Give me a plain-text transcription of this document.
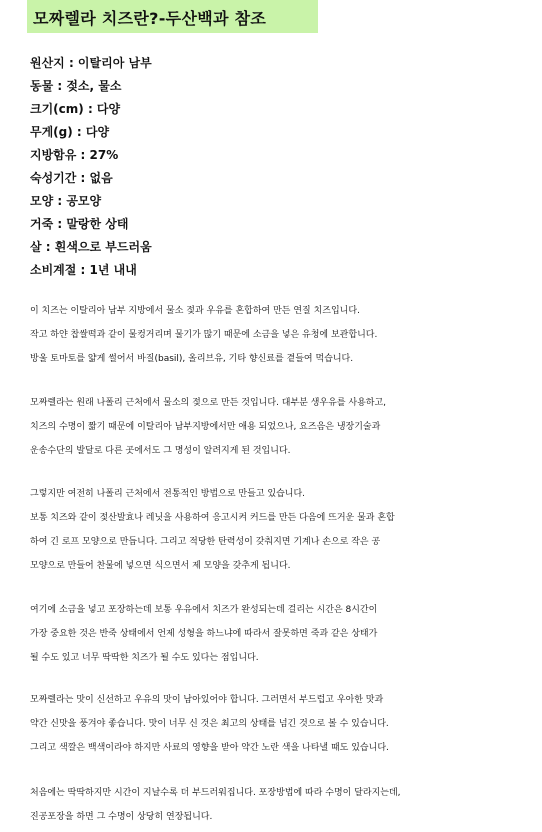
모짜렐라 치즈란?-두산백과 참조
원산지 : 이탈리아 남부
동물 : 젖소, 물소
크기(cm) : 다양
무게(g) : 다양
지방함유 : 27%
숙성기간 : 없음
모양 : 공모양
거죽 : 말랑한 상태
살 : 흰색으로 부드러움
소비계절 : 1년 내내
이 치즈는 이탈리아 남부 지방에서 물소 젖과 우유를 혼합하여 만든 연질 치즈입니다.
작고 하얀 찹쌀떡과 같이 물컹거리며 물기가 많기 때문에 소금을 넣은 유청에 보관합니다.
방울 토마토를 얇게 썰어서 바질(basil), 올리브유, 기타 향신료를 곁들여 먹습니다.
모짜렐라는 원래 나폴리 근처에서 물소의 젖으로 만든 것입니다. 대부분 생우유를 사용하고,
치즈의 수명이 짧기 때문에 이탈리아 남부지방에서만 애용 되었으나, 요즈음은 냉장기술과
운송수단의 발달로 다른 곳에서도 그 명성이 알려지게 된 것입니다.
그렇지만 여전히 나폴리 근처에서 전통적인 방법으로 만들고 있습니다.
보통 치즈와 같이 젖산발효나 레닛을 사용하여 응고시켜 커드를 만든 다음에 뜨거운 물과 혼합
하여 긴 로프 모양으로 만듭니다. 그리고 적당한 탄력성이 갖춰지면 기계나 손으로 작은 공
모양으로 만들어 찬물에 넣으면 식으면서 제 모양을 갖추게 됩니다.
여기에 소금을 넣고 포장하는데 보통 우유에서 치즈가 완성되는데 걸리는 시간은 8시간이
가장 중요한 것은 반죽 상태에서 언제 성형을 하느냐에 따라서 잘못하면 죽과 같은 상태가
될 수도 있고 너무 딱딱한 치즈가 될 수도 있다는 점입니다.
모짜렐라는 맛이 신선하고 우유의 맛이 남아있어야 합니다. 그러면서 부드럽고 우아한 맛과
약간 신맛을 풍겨야 좋습니다. 맛이 너무 신 것은 최고의 상태를 넘긴 것으로 볼 수 있습니다.
그리고 색깔은 백색이라야 하지만 사료의 영향을 받아 약간 노란 색을 나타낼 때도 있습니다.
처음에는 딱딱하지만 시간이 지날수록 더 부드러워집니다. 포장방법에 따라 수명이 달라지는데,
진공포장을 하면 그 수명이 상당히 연장됩니다.
